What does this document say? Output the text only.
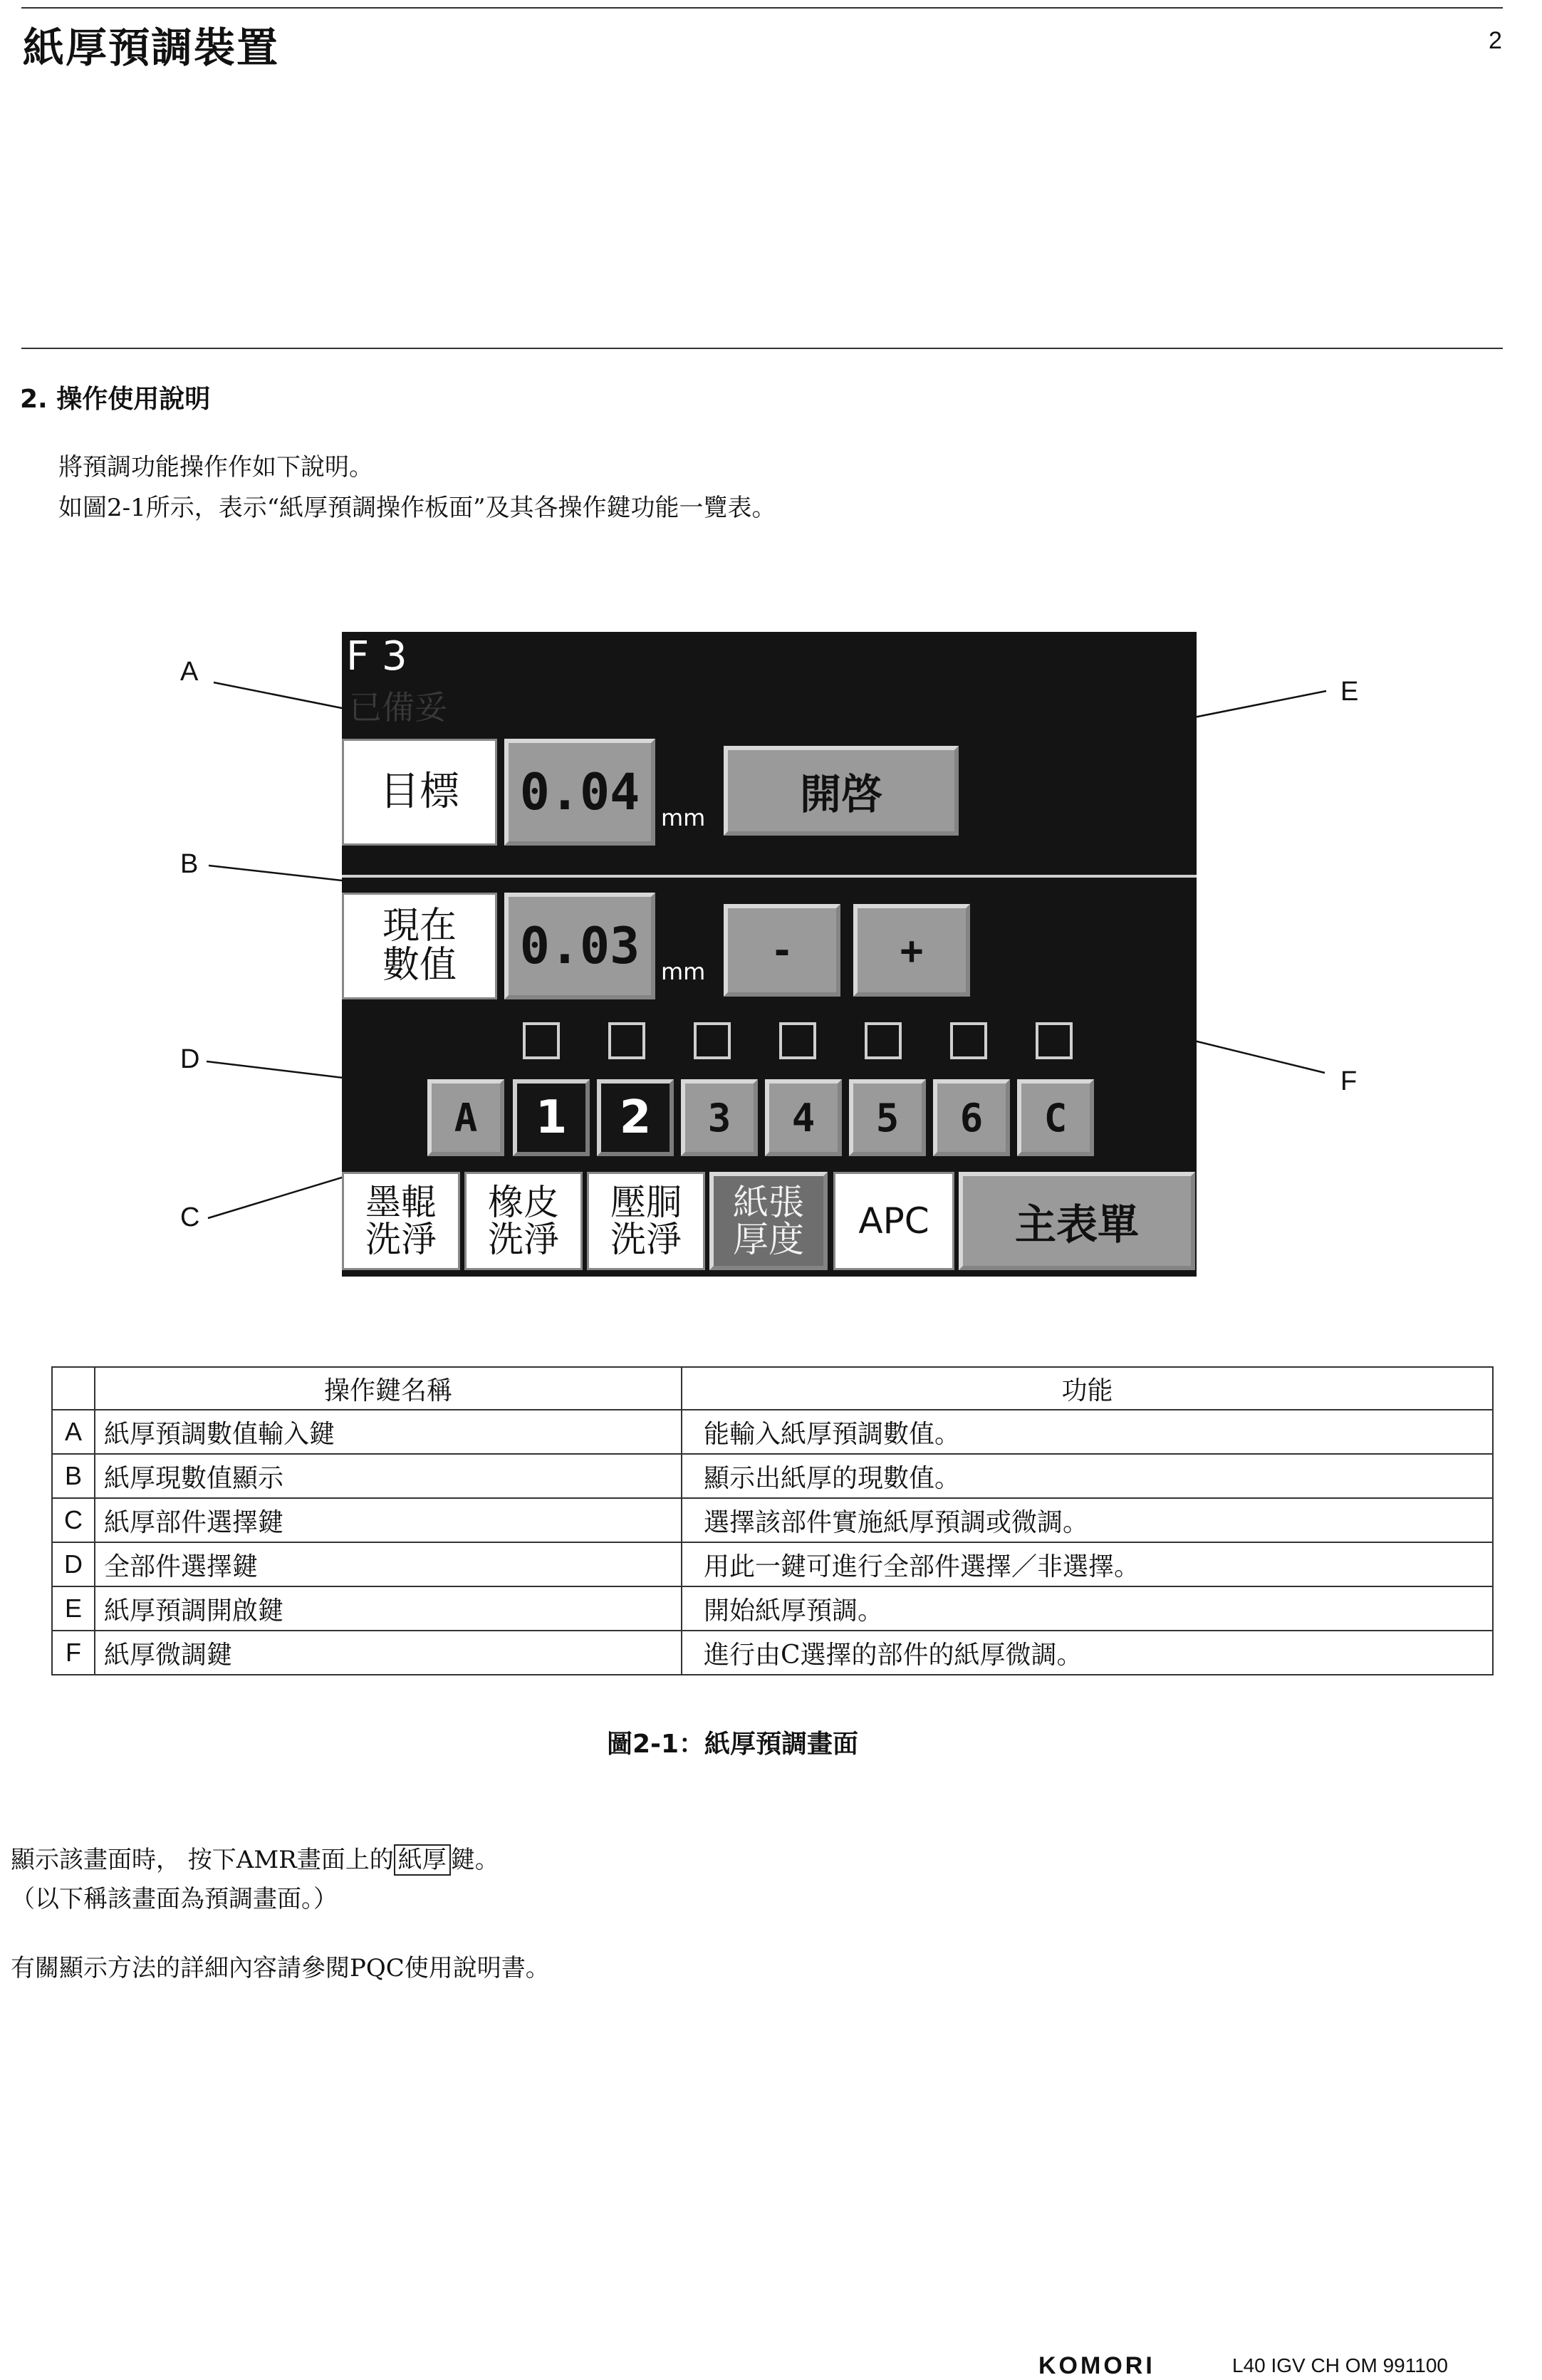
紙厚預調裝置	2
2. 操作使用說明
將預調功能操作作如下說明。
如圖2-1所示，表示“紙厚預調操作板面”及其各操作鍵功能一覽表。
A
B
D
C
E
F
F 3
已備妥
目標	0.04 mm	開啓
現在
數值	0.03 mm	-	+
A	1	2	3	4	5	6	C
墨輥
洗淨
橡皮
洗淨
壓胴
洗淨
紙張
厚度	APC	主表單
	操作鍵名稱	功能
A	紙厚預調數值輸入鍵	能輸入紙厚預調數值。
B	紙厚現數值顯示	顯示出紙厚的現數值。
C	紙厚部件選擇鍵	選擇該部件實施紙厚預調或微調。
D	全部件選擇鍵	用此一鍵可進行全部件選擇／非選擇。
E	紙厚預調開啟鍵	開始紙厚預調。
F	紙厚微調鍵	進行由C選擇的部件的紙厚微調。
圖2-1：紙厚預調畫面
顯示該畫面時， 按下AMR畫面上的 紙厚 鍵。
（以下稱該畫面為預調畫面。）
有關顯示方法的詳細內容請參閱PQC使用說明書。
KOMORI	L40 IGV CH OM 991100
